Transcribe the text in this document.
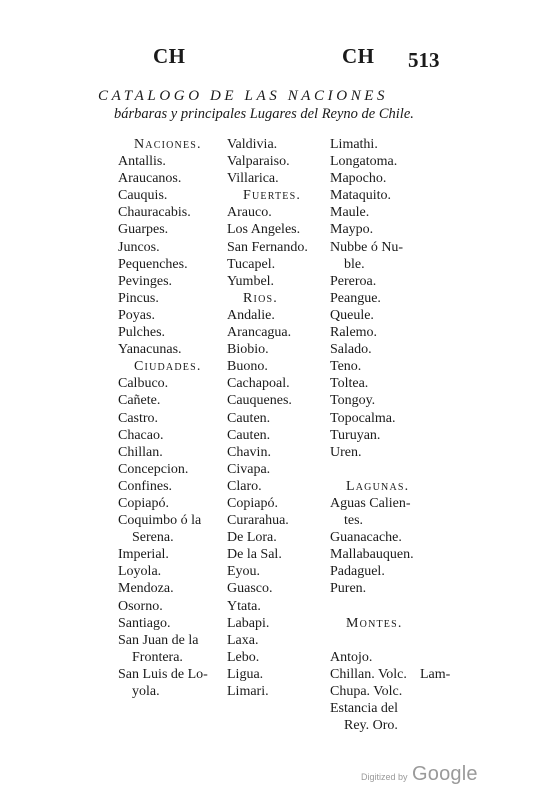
CH	CH 513
CATALOGO DE LAS NACIONES
bárbaras y principales Lugares del Reyno de Chile.
Naciones.
Antallis.
Araucanos.
Cauquis.
Chauracabis.
Guarpes.
Juncos.
Pequenches.
Pevinges.
Pincus.
Poyas.
Pulches.
Yanacunas.
Ciudades.
Calbuco.
Cañete.
Castro.
Chacao.
Chillan.
Concepcion.
Confines.
Copiapó.
Coquimbo ó la
Serena.
Imperial.
Loyola.
Mendoza.
Osorno.
Santiago.
San Juan de la
Frontera.
San Luis de Lo-
yola.
Valdivia.
Valparaiso.
Villarica.
Fuertes.
Arauco.
Los Angeles.
San Fernando.
Tucapel.
Yumbel.
Rios.
Andalie.
Arancagua.
Biobio.
Buono.
Cachapoal.
Cauquenes.
Cauten.
Cauten.
Chavin.
Civapa.
Claro.
Copiapó.
Curarahua.
De Lora.
De la Sal.
Eyou.
Guasco.
Ytata.
Labapi.
Laxa.
Lebo.
Ligua.
Limari.
Limathi.
Longatoma.
Mapocho.
Mataquito.
Maule.
Maypo.
Nubbe ó Nu-
ble.
Pereroa.
Peangue.
Queule.
Ralemo.
Salado.
Teno.
Toltea.
Tongoy.
Topocalma.
Turuyan.
Uren.
Lagunas.
Aguas Calien-
tes.
Guanacache.
Mallabauquen.
Padaguel.
Puren.
Montes.
Antojo.
Chillan. Volc.
Chupa. Volc.
Estancia del
Rey. Oro.
Lam-
Digitized by Google
